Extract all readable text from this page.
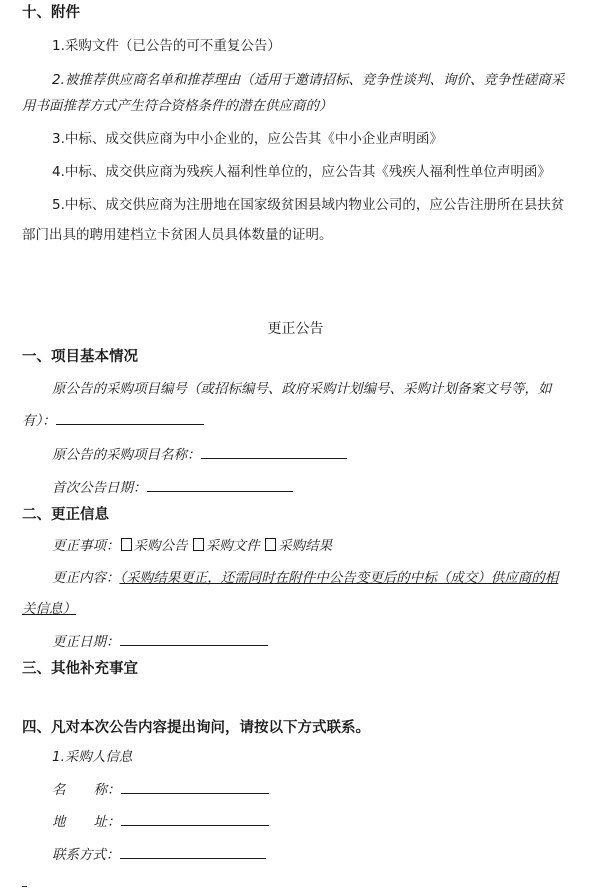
十、附件
1.采购文件（已公告的可不重复公告）
2.被推荐供应商名单和推荐理由（适用于邀请招标、竞争性谈判、询价、竞争性磋商采
用书面推荐方式产生符合资格条件的潜在供应商的）
3.中标、成交供应商为中小企业的，应公告其《中小企业声明函》
4.中标、成交供应商为残疾人福利性单位的，应公告其《残疾人福利性单位声明函》
5.中标、成交供应商为注册地在国家级贫困县域内物业公司的，应公告注册所在县扶贫
部门出具的聘用建档立卡贫困人员具体数量的证明。
更正公告
一、项目基本情况
原公告的采购项目编号（或招标编号、政府采购计划编号、采购计划备案文号等，如
有）：
原公告的采购项目名称：
首次公告日期：
二、更正信息
更正事项： 采购公告 采购文件 采购结果
更正内容：（采购结果更正，还需同时在附件中公告变更后的中标（成交）供应商的相
关信息）
更正日期：
三、其他补充事宜
四、凡对本次公告内容提出询问，请按以下方式联系。
1.采购人信息
名 称：
地 址：
联系方式：
